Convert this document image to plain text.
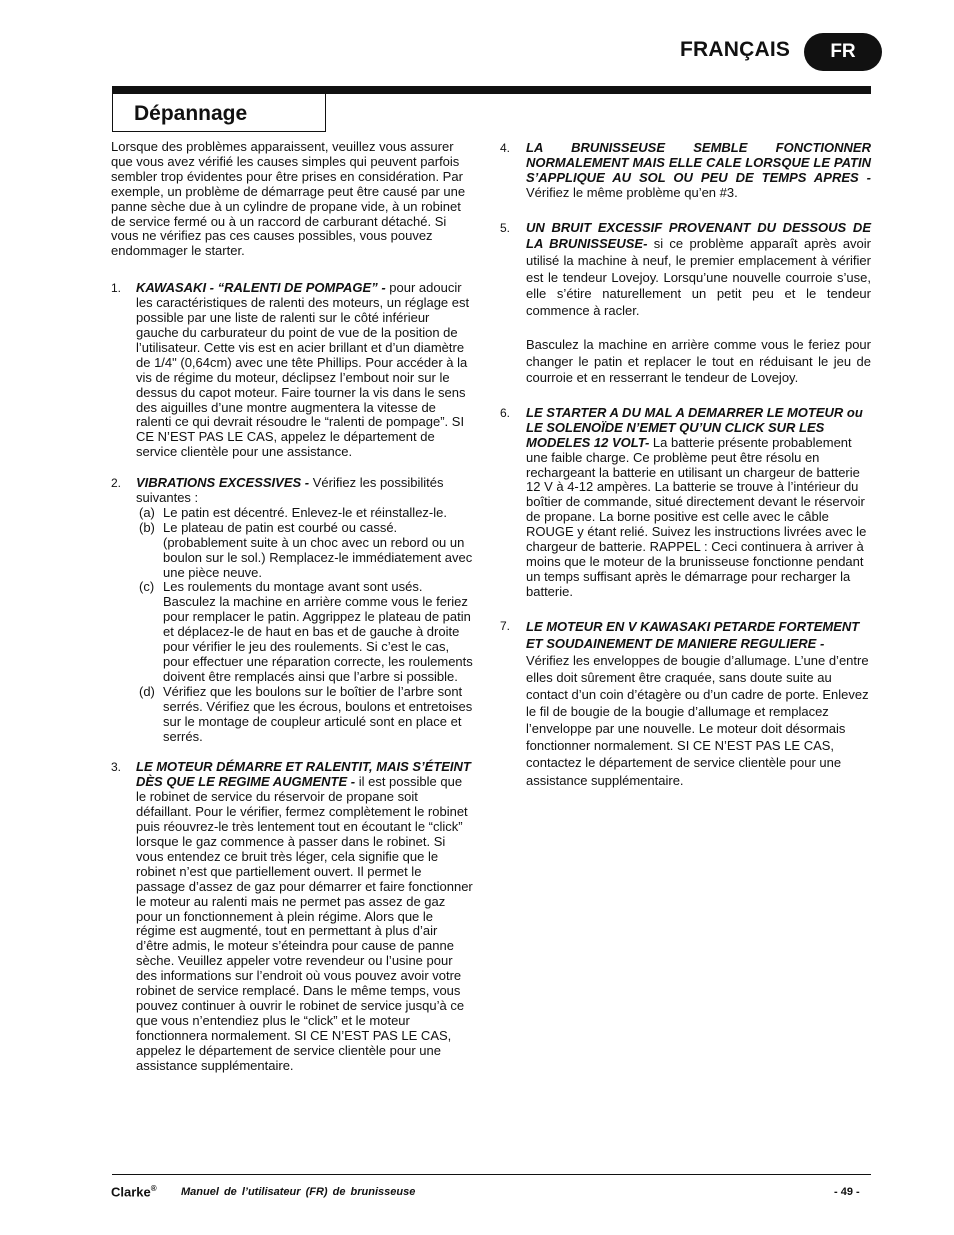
FRANÇAIS	FR
Dépannage

Lorsque des problèmes apparaissent, veuillez vous assurer que vous avez vérifié les causes simples qui peuvent parfois sembler trop évidentes pour être prises en considération. Par exemple, un problème de démarrage peut être causé par une panne sèche due à un cylindre de propane vide, à un robinet de service fermé ou à un raccord de carburant détaché. Si vous ne vérifiez pas ces causes possibles, vous pouvez endommager le starter.

1. KAWASAKI - “RALENTI DE POMPAGE” - pour adoucir les caractéristiques de ralenti des moteurs, un réglage est possible par une liste de ralenti sur le côté inférieur gauche du carburateur du point de vue de la position de l’utilisateur. Cette vis est en acier brillant et d’un diamètre de 1/4" (0,64cm) avec une tête Phillips. Pour accéder à la vis de régime du moteur, déclipsez l’embout noir sur le dessus du capot moteur. Faire tourner la vis dans le sens des aiguilles d’une montre augmentera la vitesse de ralenti ce qui devrait résoudre le “ralenti de pompage”. SI CE N’EST PAS LE CAS, appelez le département de service clientèle pour une assistance.
2. VIBRATIONS EXCESSIVES - Vérifiez les possibilités suivantes :
(a) Le patin est décentré. Enlevez-le et réinstallez-le.
(b) Le plateau de patin est courbé ou cassé. (probablement suite à un choc avec un rebord ou un boulon sur le sol.) Remplacez-le immédiatement avec une pièce neuve.
(c) Les roulements du montage avant sont usés. Basculez la machine en arrière comme vous le feriez pour remplacer le patin. Aggrippez le plateau de patin et déplacez-le de haut en bas et de gauche à droite pour vérifier le jeu des roulements. Si c’est le cas, pour effectuer une réparation correcte, les roulements doivent être remplacés ainsi que l’arbre si possible.
(d) Vérifiez que les boulons sur le boîtier de l’arbre sont serrés. Vérifiez que les écrous, boulons et entretoises sur le montage de coupleur articulé sont en place et serrés.
3. LE MOTEUR DÉMARRE ET RALENTIT, MAIS S’ÉTEINT DÈS QUE LE REGIME AUGMENTE - il est possible que le robinet de service du réservoir de propane soit défaillant. Pour le vérifier, fermez complètement le robinet puis réouvrez-le très lentement tout en écoutant le “click” lorsque le gaz commence à passer dans le robinet. Si vous entendez ce bruit très léger, cela signifie que le robinet n’est que partiellement ouvert. Il permet le passage d’assez de gaz pour démarrer et faire fonctionner le moteur au ralenti mais ne permet pas assez de gaz pour un fonctionnement à plein régime. Alors que le régime est augmenté, tout en permettant à plus d’air d’être admis, le moteur s’éteindra pour cause de panne sèche. Veuillez appeler votre revendeur ou l’usine pour des informations sur l’endroit où vous pouvez avoir votre robinet de service remplacé. Dans le même temps, vous pouvez continuer à ouvrir le robinet de service jusqu’à ce que vous n’entendiez plus le “click” et le moteur fonctionnera normalement. SI CE N’EST PAS LE CAS, appelez le département de service clientèle pour une assistance supplémentaire.
4. LA BRUNISSEUSE SEMBLE FONCTIONNER NORMALEMENT MAIS ELLE CALE LORSQUE LE PATIN S’APPLIQUE AU SOL OU PEU DE TEMPS APRES - Vérifiez le même problème qu’en #3.
5. UN BRUIT EXCESSIF PROVENANT DU DESSOUS DE LA BRUNISSEUSE- si ce problème apparaît après avoir utilisé la machine à neuf, le premier emplacement à vérifier est le tendeur Lovejoy. Lorsqu’une nouvelle courroie s’use, elle s’étire naturellement un petit peu et le tendeur commence à racler.
Basculez la machine en arrière comme vous le feriez pour changer le patin et replacer le tout en réduisant le jeu de courroie et en resserrant le tendeur de Lovejoy.
6. LE STARTER A DU MAL A DEMARRER LE MOTEUR ou LE SOLENOÏDE N’EMET QU’UN CLICK SUR LES MODELES 12 VOLT- La batterie présente probablement une faible charge. Ce problème peut être résolu en rechargeant la batterie en utilisant un chargeur de batterie 12 V à 4-12 ampères. La batterie se trouve à l’intérieur du boîtier de commande, situé directement devant le réservoir de propane. La borne positive est celle avec le câble ROUGE y étant relié. Suivez les instructions livrées avec le chargeur de batterie. RAPPEL : Ceci continuera à arriver à moins que le moteur de la brunisseuse fonctionne pendant un temps suffisant après le démarrage pour recharger la batterie.
7. LE MOTEUR EN V KAWASAKI PETARDE FORTEMENT ET SOUDAINEMENT DE MANIERE REGULIERE - Vérifiez les enveloppes de bougie d’allumage. L’une d’entre elles doit sûrement être craquée, sans doute suite au contact d’un coin d’étagère ou d’un cadre de porte. Enlevez le fil de bougie de la bougie d’allumage et remplacez l’enveloppe par une nouvelle. Le moteur doit désormais fonctionner normalement. SI CE N’EST PAS LE CAS, contactez le département de service clientèle pour une assistance supplémentaire.
Clarke® Manuel de l’utilisateur (FR) de brunisseuse	- 49 -
